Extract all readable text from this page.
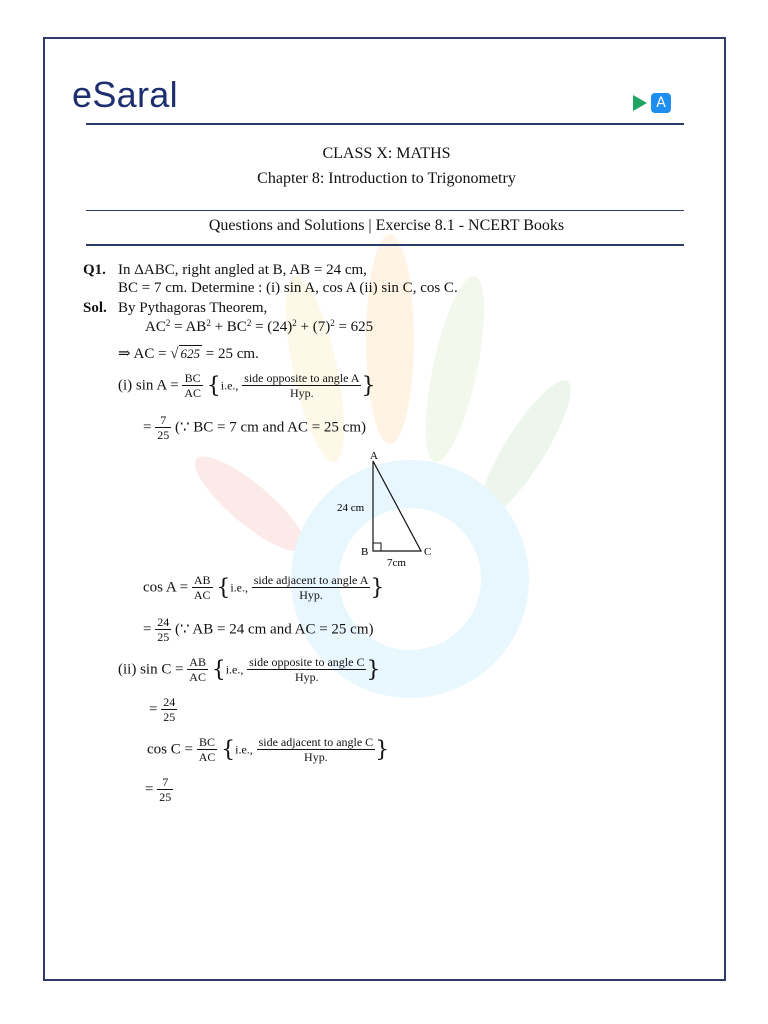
eSaral	A
CLASS X: MATHS
Chapter 8: Introduction to Trigonometry
Questions and Solutions | Exercise 8.1 - NCERT Books
Q1. In ΔABC, right angled at B, AB = 24 cm,
BC = 7 cm. Determine : (i) sin A, cos A (ii) sin C, cos C.
Sol. By Pythagoras Theorem,
$AC^2 = AB^2 + BC^2 = (24)^2 + (7)^2 = 625$
⇒ AC = √ 625 = 25 cm.
(i) $\sin A = \frac{BC}{AC} \{i.e$., $\frac{\text{side opposite to angle A}}{\text{Hyp.}}$ }
= $\frac{7}{25}$ (∵ BC = 7 cm and AC = 25 cm)
A
B	C
24 cm
7cm
$\cos A = \frac{AB}{AC} \{i.e$., $\frac{\text{side adjacent to angle A}}{\text{Hyp.}}$ }
= $\frac{24}{25}$ (∵ AB = 24 cm and AC = 25 cm)
(ii) $\sin C = \frac{AB}{AC} \{i.e$., $\frac{\text{side opposite to angle C}}{\text{Hyp.}}$ }
= $\frac{24}{25}$
$\cos C = \frac{BC}{AC} \{i.e$., $\frac{\text{side adjacent to angle C}}{\text{Hyp.}}$ }
= $\frac{7}{25}$
